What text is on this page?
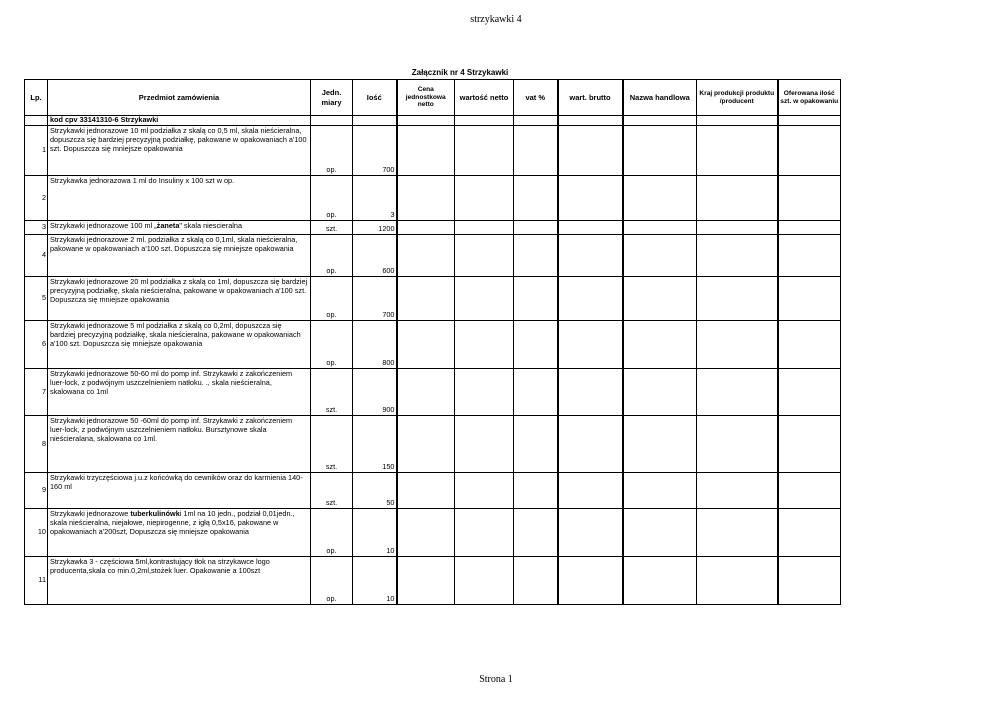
strzykawki 4
Załącznik nr 4 Strzykawki
Lp.	Przedmiot zamówienia	Jedn. miary	Iość	Cena jednostkowa netto	wartość netto	vat %	wart. brutto	Nazwa handlowa	Kraj produkcji produktu /producent	Oferowana ilość szt. w opakowaniu
	kod cpv 33141310-6 Strzykawki									
1	Strzykawki jednorazowe 10 ml podziałka z skalą co 0,5 ml, skala nieścieralna, dopuszcza się bardziej precyzyjną podziałkę, pakowane w opakowaniach a'100 szt. Dopuszcza się mniejsze opakowania	op.	700							
2	Strzykawka jednorazowa 1 ml do Insuliny x 100 szt w op.	op.	3							
3	Strzykawki jednorazowe 100 ml „żaneta" skala niescieralna	szt.	1200							
4	Strzykawki jednorazowe 2 ml. podziałka z skalą co 0,1ml, skala nieścieralna, pakowane w opakowaniach a'100 szt. Dopuszcza się mniejsze opakowania	op.	600							
5	Strzykawki jednorazowe 20 ml podziałka z skalą co 1ml, dopuszcza się bardziej precyzyjną podziałkę, skala nieścieralna, pakowane w opakowaniach a'100 szt. Dopuszcza się mniejsze opakowania	op.	700							
6	Strzykawki jednorazowe 5 ml podziałka z skalą co 0,2ml, dopuszcza się bardziej precyzyjną podziałkę, skala nieścieralna, pakowane w opakowaniach a'100 szt. Dopuszcza się mniejsze opakowania	op.	800							
7	Strzykawki jednorazowe 50-60 ml do pomp inf. Strzykawki z zakończeniem luer-lock, z podwójnym uszczelnieniem natłoku. ., skala nieścieralna, skalowana co 1ml	szt.	900							
8	Strzykawki jednorazowe 50 -60ml do pomp inf. Strzykawki z zakończeniem luer-lock, z podwójnym uszczelnieniem natłoku. Bursztynowe skala nieścieralana, skalowana co 1ml.	szt.	150							
9	Strzykawki trzyczęściowa j.u.z końcówką do cewników oraz do karmienia 140-160 ml	szt.	50							
10	Strzykawki jednorazowe tuberkulinówki 1ml na 10 jedn., podział 0,01jedn., skala nieścieralna, niejałowe, niepirogenne, z igłą 0,5x16, pakowane w opakowaniach a'200szt, Dopuszcza się mniejsze opakowania	op.	10							
11	Strzykawka 3 - częściowa 5ml,kontrastujący tłok na strzykawce logo producenta,skala co min.0,2ml,stożek luer. Opakowanie a 100szt	op.	10							
Strona 1
